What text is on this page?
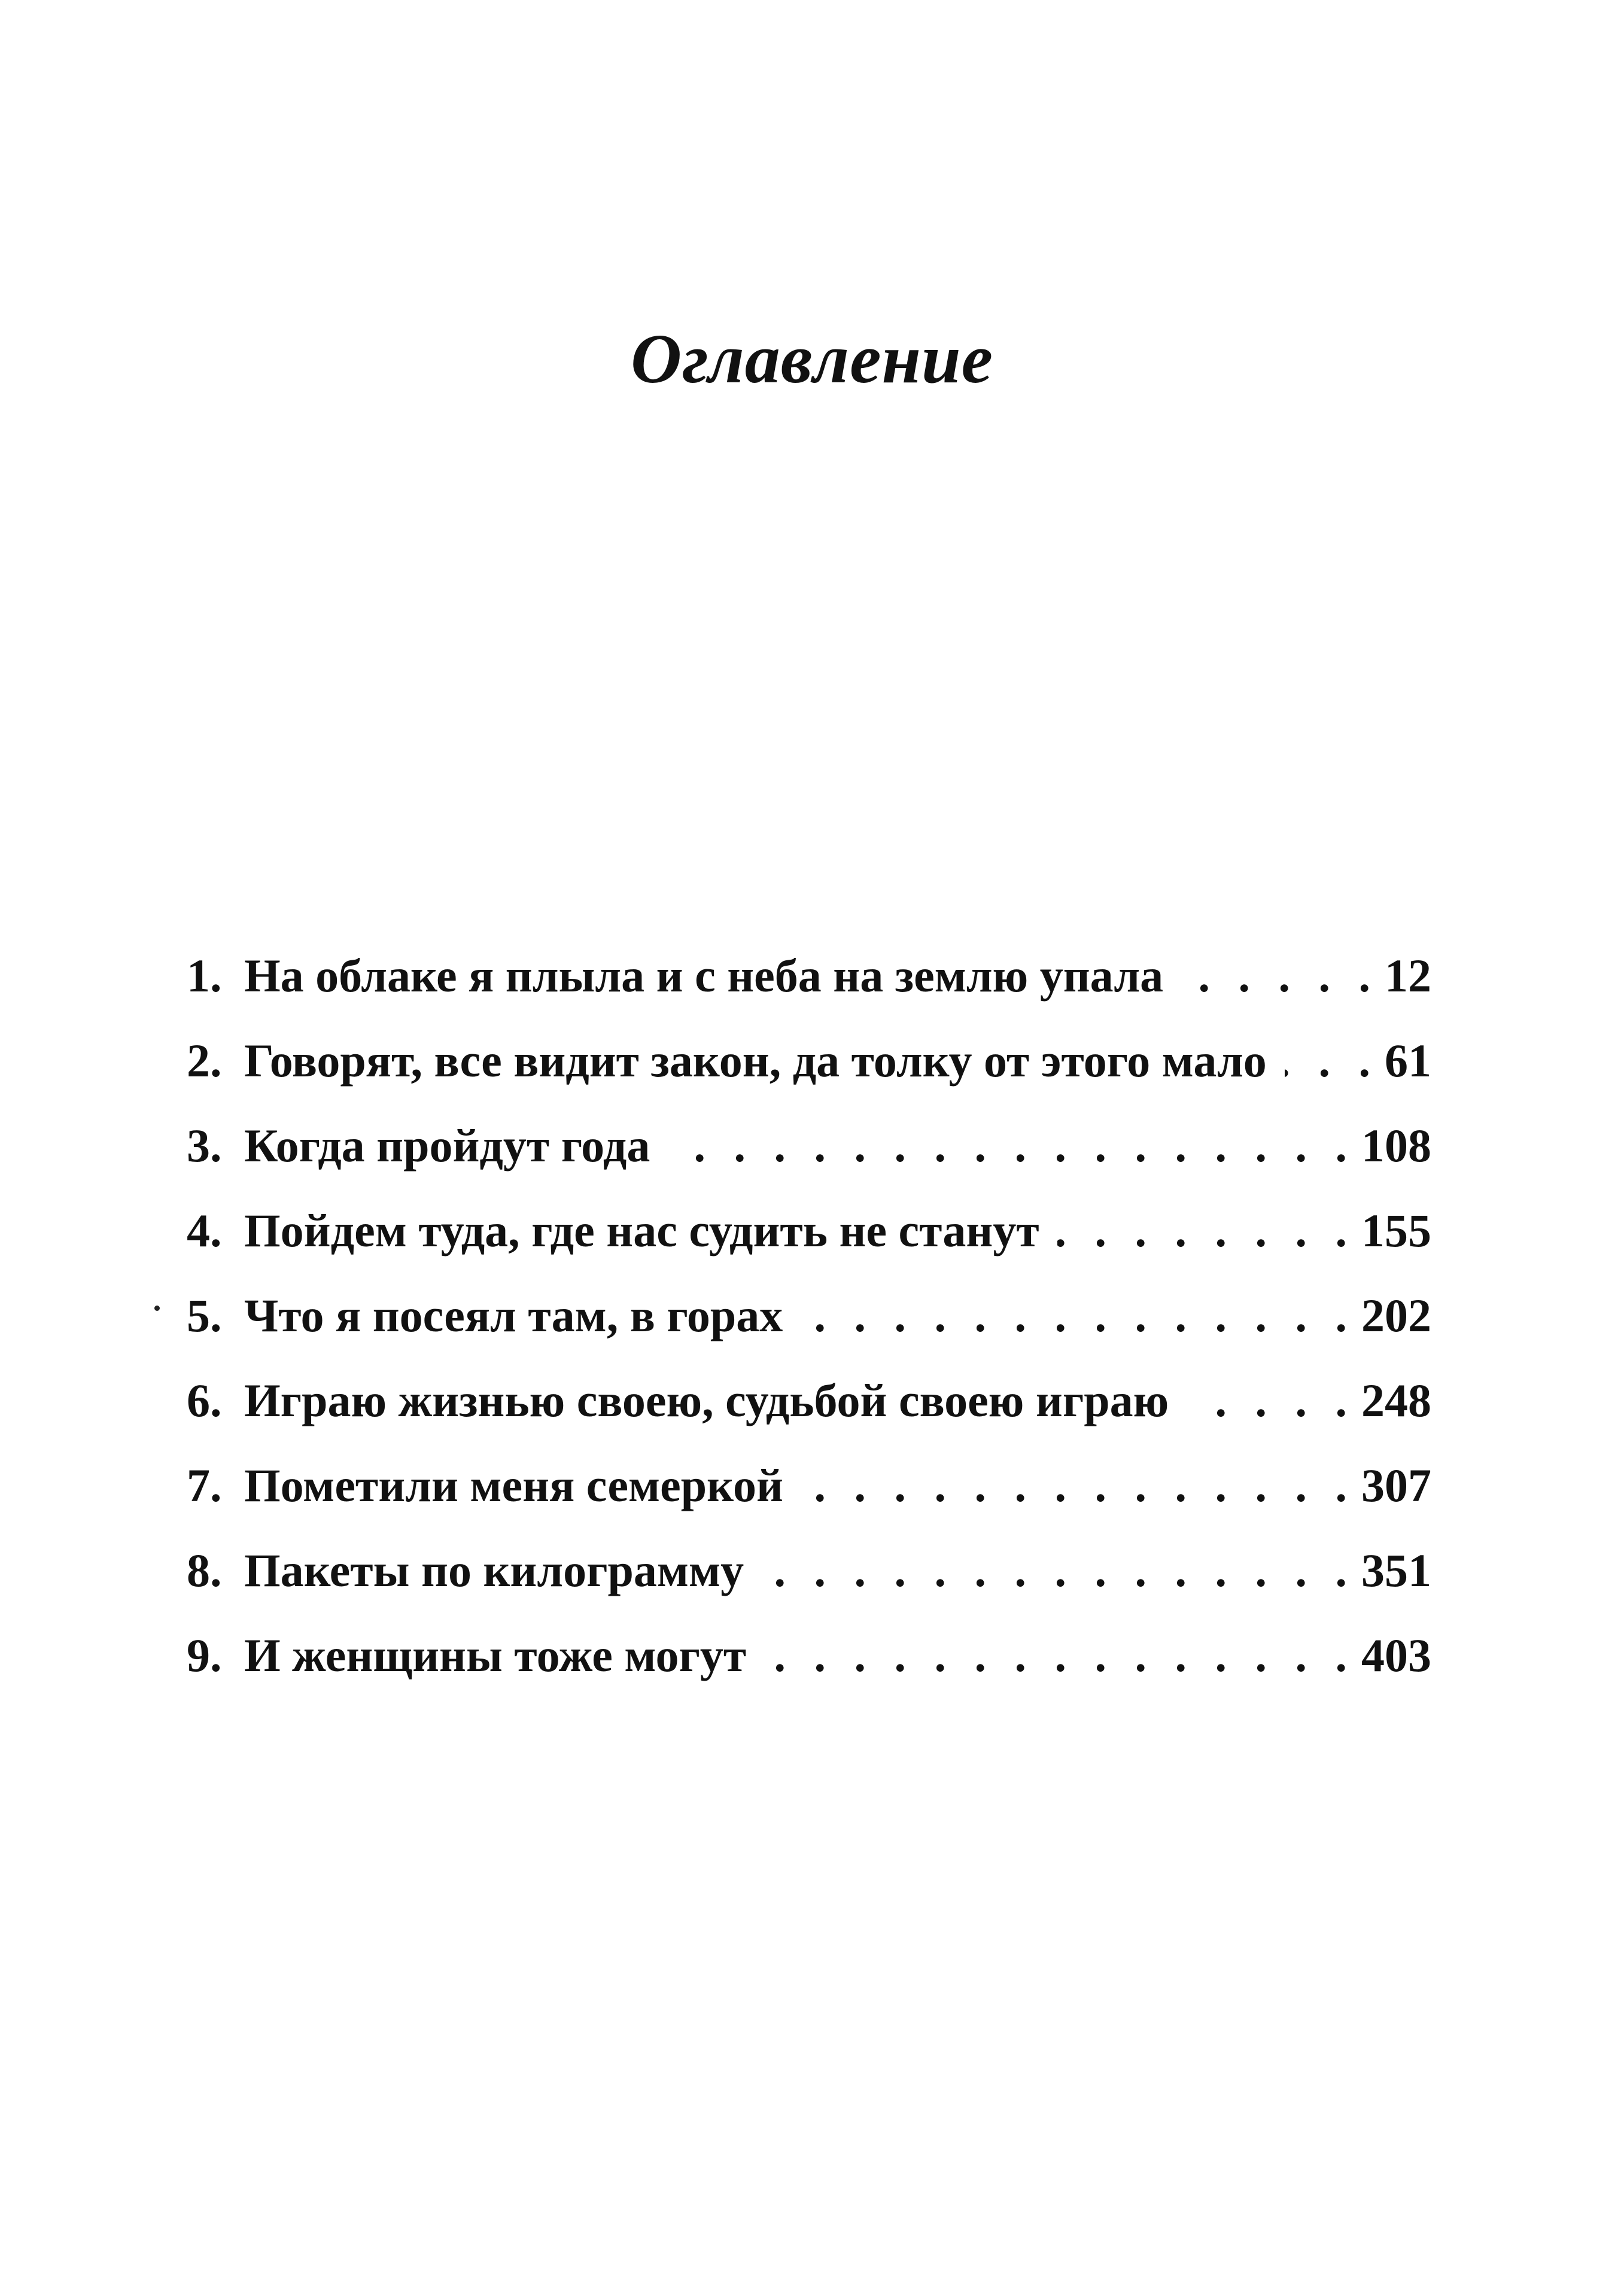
Оглавление
1. На облаке я плыла и с неба на землю упала . . .	12
2. Говорят, все видит закон, да толку от этого мало . . .	61
3. Когда пройдут года . . .	108
4. Пойдем туда, где нас судить не станут . . .	155
5. Что я посеял там, в горах . . .	202
6. Играю жизнью своею, судьбой своею играю . . .	248
7. Пометили меня семеркой . . .	307
8. Пакеты по килограмму . . .	351
9. И женщины тоже могут . . .	403
